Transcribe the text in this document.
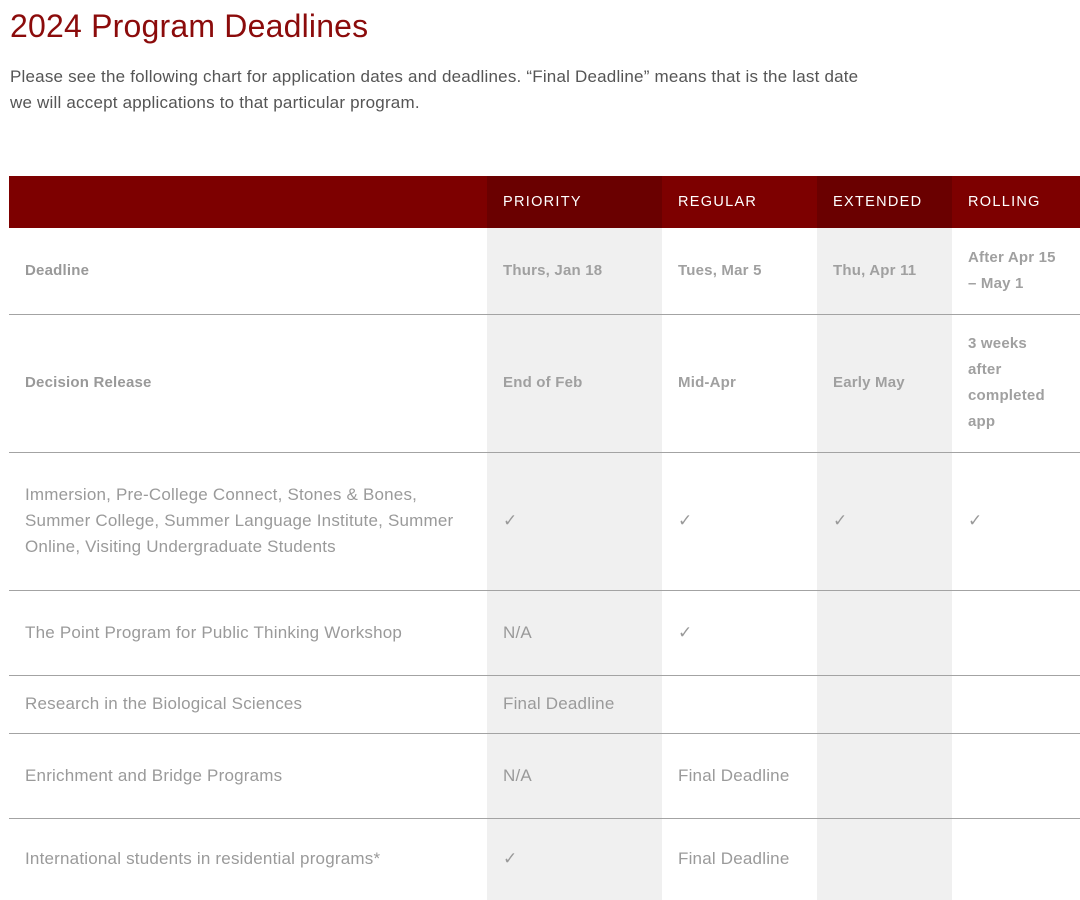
2024 Program Deadlines

Please see the following chart for application dates and deadlines. “Final Deadline” means that is the last date we will accept applications to that particular program.

	PRIORITY	REGULAR	EXTENDED	ROLLING
Deadline	Thurs, Jan 18	Tues, Mar 5	Thu, Apr 11	After Apr 15 – May 1
Decision Release	End of Feb	Mid-Apr	Early May	3 weeks after completed app
Immersion, Pre-College Connect, Stones & Bones, Summer College, Summer Language Institute, Summer Online, Visiting Undergraduate Students	✓	✓	✓	✓
The Point Program for Public Thinking Workshop	N/A	✓		
Research in the Biological Sciences	Final Deadline			
Enrichment and Bridge Programs	N/A	Final Deadline		
International students in residential programs*	✓	Final Deadline		
